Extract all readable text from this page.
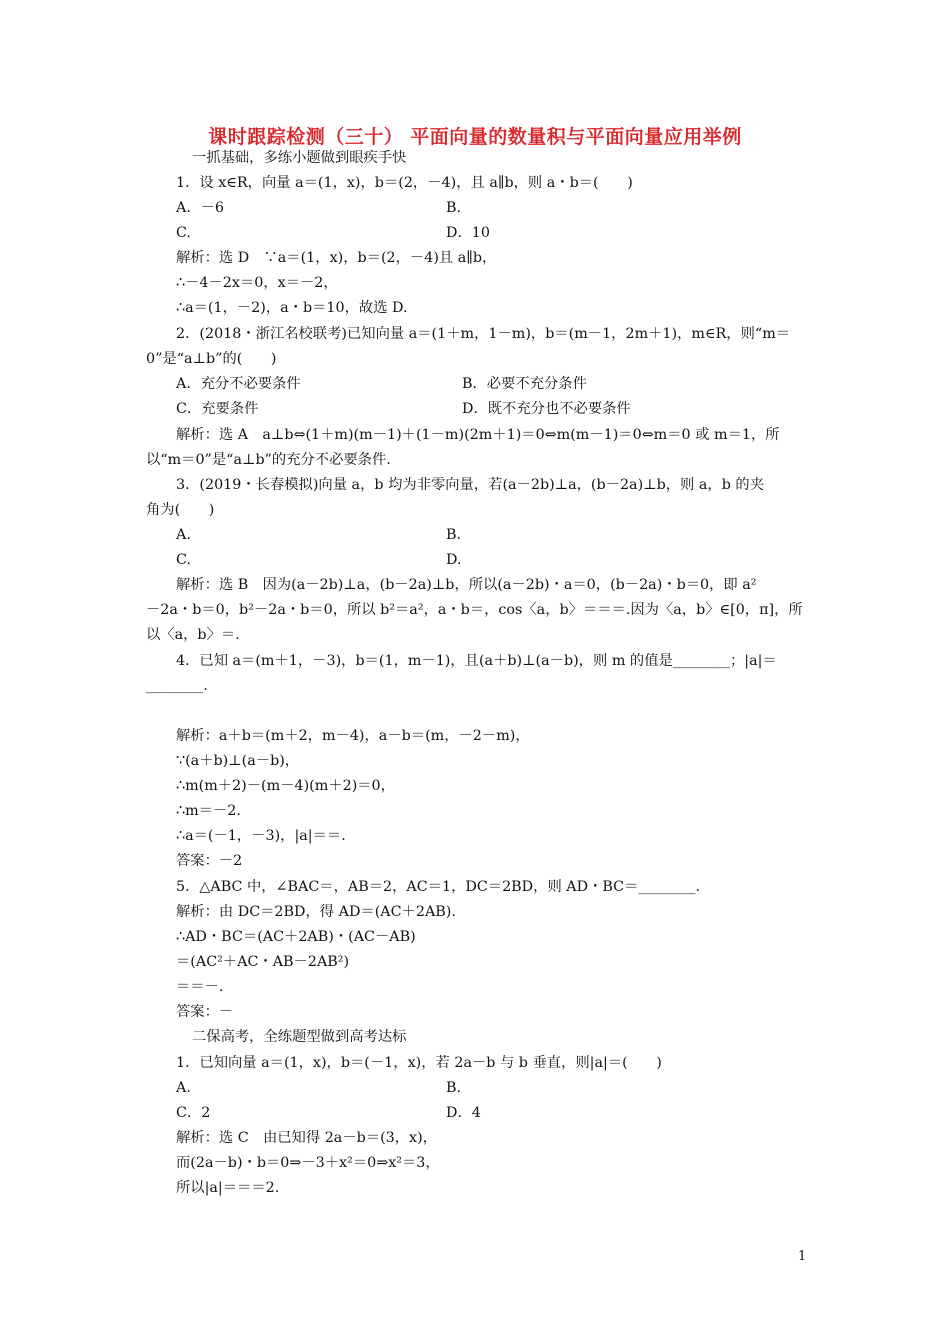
课时跟踪检测（三十） 平面向量的数量积与平面向量应用举例
一抓基础，多练小题做到眼疾手快
1．设 x∈R，向量 a＝(1，x)，b＝(2，－4)，且 a∥b，则 a・b＝(　　)
A．－6	B.
C.	D．10
解析：选 D　∵a＝(1，x)，b＝(2，－4)且 a∥b，
∴－4－2x＝0，x＝－2，
∴a＝(1，－2)，a・b＝10，故选 D.
2．(2018・浙江名校联考)已知向量 a＝(1＋m，1－m)，b＝(m－1，2m＋1)，m∈R，则“m＝
0”是“a⊥b”的(　　)
A．充分不必要条件	B．必要不充分条件
C．充要条件	D．既不充分也不必要条件
解析：选 A　a⊥b⇔(1＋m)(m－1)＋(1－m)(2m＋1)＝0⇔m(m－1)＝0⇔m＝0 或 m＝1，所
以“m＝0”是“a⊥b”的充分不必要条件.
3．(2019・长春模拟)向量 a，b 均为非零向量，若(a－2b)⊥a，(b－2a)⊥b，则 a，b 的夹
角为(　　)
A.	B.
C.	D.
解析：选 B　因为(a－2b)⊥a，(b－2a)⊥b，所以(a－2b)・a＝0，(b－2a)・b＝0，即 a²
－2a・b＝0，b²－2a・b＝0，所以 b²＝a²，a・b＝，cos〈a，b〉＝＝＝.因为〈a，b〉∈[0，π]，所
以〈a，b〉＝.
4．已知 a＝(m＋1，－3)，b＝(1，m－1)，且(a＋b)⊥(a－b)，则 m 的值是________；|a|＝
________.
解析：a＋b＝(m＋2，m－4)，a－b＝(m，－2－m)，
∵(a＋b)⊥(a－b)，
∴m(m＋2)－(m－4)(m＋2)＝0，
∴m＝－2.
∴a＝(－1，－3)，|a|＝＝.
答案：－2
5．△ABC 中，∠BAC＝，AB＝2，AC＝1，DC＝2BD，则 AD・BC＝________.
解析：由 DC＝2BD，得 AD＝(AC＋2AB).
∴AD・BC＝(AC＋2AB)・(AC－AB)
＝(AC²＋AC・AB－2AB²)
＝＝－.
答案：－
二保高考，全练题型做到高考达标
1．已知向量 a＝(1，x)，b＝(－1，x)，若 2a－b 与 b 垂直，则|a|＝(　　)
A.	B.
C．2	D．4
解析：选 C　由已知得 2a－b＝(3，x)，
而(2a－b)・b＝0⇒－3＋x²＝0⇒x²＝3，
所以|a|＝＝＝2.
1
